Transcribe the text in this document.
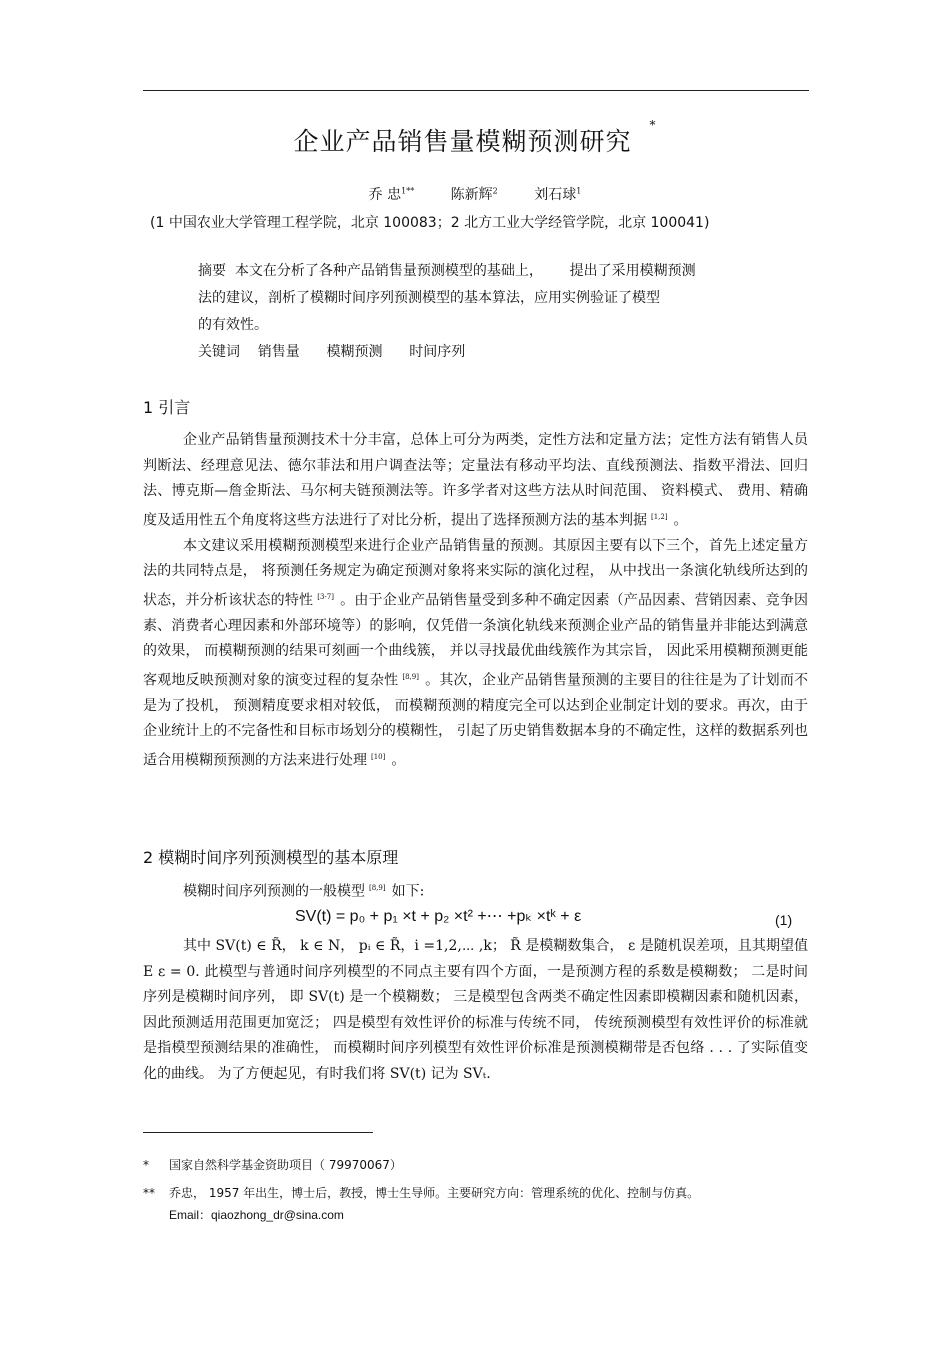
企业产品销售量模糊预测研究*
乔 忠$^{1**}$	陈新辉$^2$	刘石球$^1$
(1 中国农业大学管理工程学院，北京 100083；2 北方工业大学经管学院，北京 100041)
摘要  本文在分析了各种产品销售量预测模型的基础上，      提出了采用模糊预测
法的建议，剖析了模糊时间序列预测模型的基本算法，应用实例验证了模型
的有效性。
关键词    销售量      模糊预测      时间序列
1 引言

企业产品销售量预测技术十分丰富，总体上可分为两类，定性方法和定量方法；定性方法有销售人员判断法、经理意见法、德尔菲法和用户调查法等；定量法有移动平均法、直线预测法、指数平滑法、回归法、博克斯—詹金斯法、马尔柯夫链预测法等。许多学者对这些方法从时间范围、 资料模式、 费用、精确度及适用性五个角度将这些方法进行了对比分析，提出了选择预测方法的基本判据 [1,2] 。

本文建议采用模糊预测模型来进行企业产品销售量的预测。其原因主要有以下三个，首先上述定量方法的共同特点是， 将预测任务规定为确定预测对象将来实际的演化过程， 从中找出一条演化轨线所达到的状态，并分析该状态的特性 [3-7] 。由于企业产品销售量受到多种不确定因素（产品因素、营销因素、竞争因素、消费者心理因素和外部环境等）的影响，仅凭借一条演化轨线来预测企业产品的销售量并非能达到满意的效果， 而模糊预测的结果可刻画一个曲线簇， 并以寻找最优曲线簇作为其宗旨， 因此采用模糊预测更能客观地反映预测对象的演变过程的复杂性 [8,9] 。其次，企业产品销售量预测的主要目的往往是为了计划而不是为了投机， 预测精度要求相对较低， 而模糊预测的精度完全可以达到企业制定计划的要求。再次，由于企业统计上的不完备性和目标市场划分的模糊性， 引起了历史销售数据本身的不确定性，这样的数据系列也适合用模糊预预测的方法来进行处理 [10] 。

2 模糊时间序列预测模型的基本原理

模糊时间序列预测的一般模型 [8,9] 如下:

SV(t) = p₀ + p₁ ×t + p₂ ×t² +⋯ +pₖ ×tᵏ + ε	(1)

其中 SV(t) ∈ R̃， k ∈ N， pᵢ ∈ R̃，i =1,2,⋯ ,k； R̃ 是模糊数集合， ε 是随机误差项，且其期望值 E ε = 0. 此模型与普通时间序列模型的不同点主要有四个方面，一是预测方程的系数是模糊数； 二是时间序列是模糊时间序列， 即 SV(t) 是一个模糊数； 三是模型包含两类不确定性因素即模糊因素和随机因素， 因此预测适用范围更加宽泛； 四是模型有效性评价的标准与传统不同， 传统预测模型有效性评价的标准就是指模型预测结果的准确性， 而模糊时间序列模型有效性评价标准是预测模糊带是否包络 . . . 了实际值变化的曲线。 为了方便起见，有时我们将 SV(t) 记为 SVₜ.

*	国家自然科学基金资助项目（ 79970067）
**	乔忠， 1957 年出生，博士后，教授，博士生导师。主要研究方向：管理系统的优化、控制与仿真。
Email：qiaozhong_dr@sina.com
